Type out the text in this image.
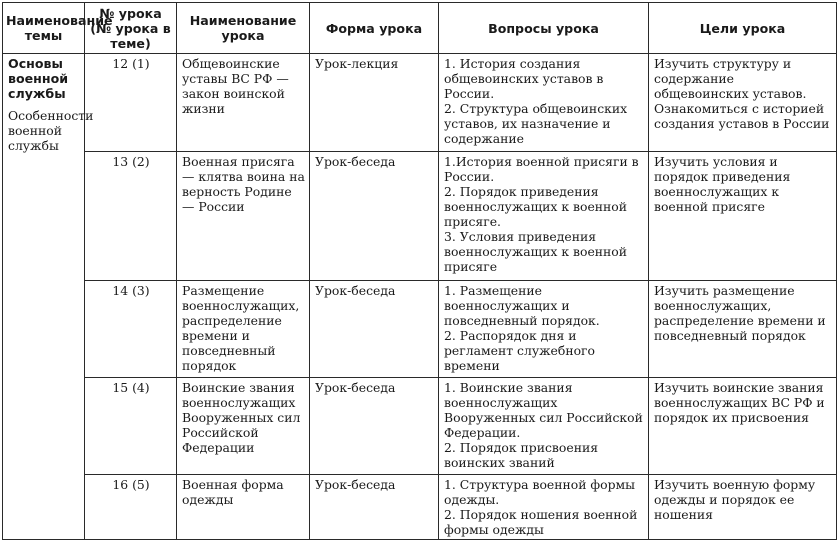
Наименование темы	№ урока (№ урока в теме)	Наименование урока	Форма урока	Вопросы урока	Цели урока

Основы военной службы
Особенности военной службы	12 (1)	Общевоинские уставы ВС РФ — закон воинской жизни	Урок-лекция	1. История создания общевоинских уставов в России.
2. Структура общевоинских уставов, их назначение и содержание	Изучить структуру и содержание общевоинских уставов. Ознакомиться с историей создания уставов в России
	13 (2)	Военная присяга — клятва воина на верность Родине — России	Урок-беседа	1.История военной присяги в России.
2. Порядок приведения военнослужащих к военной присяге.
3. Условия приведения военнослужащих к военной присяге	Изучить условия и порядок приведения военнослужащих к военной присяге
	14 (3)	Размещение военнослужащих, распределение времени и повседневный порядок	Урок-беседа	1. Размещение военнослужащих и повседневный порядок.
2. Распорядок дня и регламент служебного времени	Изучить размещение военнослужащих, распределение времени и повседневный порядок
	15 (4)	Воинские звания военнослужащих Вооруженных сил Российской Федерации	Урок-беседа	1. Воинские звания военнослужащих Вооруженных сил Российской Федерации.
2. Порядок присвоения воинских званий	Изучить воинские звания военнослужащих ВС РФ и порядок их присвоения
	16 (5)	Военная форма одежды	Урок-беседа	1. Структура военной формы одежды.
2. Порядок ношения военной формы одежды	Изучить военную форму одежды и порядок ее ношения
